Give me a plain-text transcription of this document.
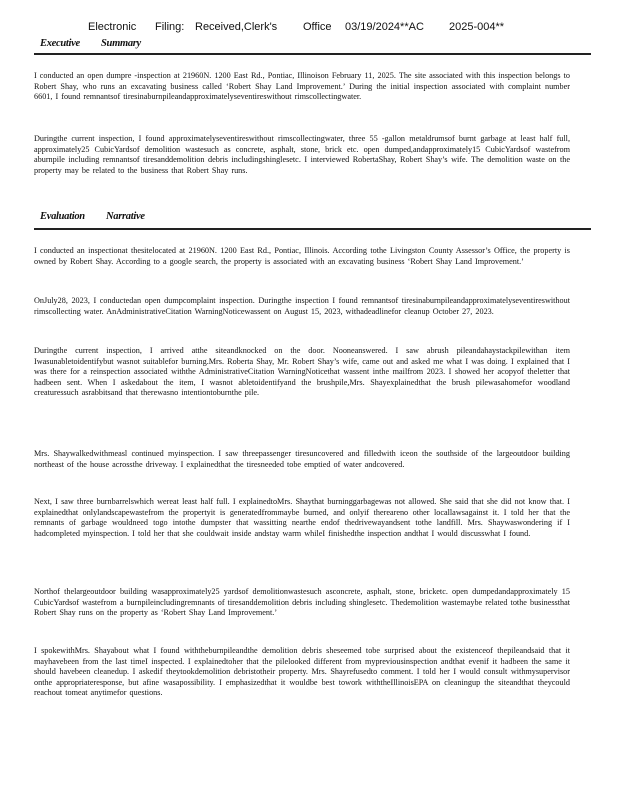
Electronic Filing: Received,Clerk's Office 03/19/2024**AC 2025-004**
Executive Summary

I conducted an open dumpre -inspection at 21960N. 1200 East Rd., Pontiac, Illinoison February 11, 2025. The site associated with this inspection belongs to Robert Shay, who runs an excavating business called ‘Robert Shay Land Improvement.’ During the initial inspection associated with complaint number 6601, I found remnantsof tiresinaburnpileandapproximatelyseventireswithout rimscollectingwater.

Duringthe current inspection, I found approximatelyseventireswithout rimscollectingwater, three 55 -gallon metaldrumsof burnt garbage at least half full, approximately25 CubicYardsof demolition wastesuch as concrete, asphalt, stone, brick etc. open dumped,andapproximately15 CubicYardsof wastefrom aburnpile including remnantsof tiresanddemolition debris includingshinglesetc. I interviewed RobertaShay, Robert Shay’s wife. The demolition waste on the property may be related to the business that Robert Shay runs.

Evaluation Narrative

I conducted an inspectionat thesitelocated at 21960N. 1200 East Rd., Pontiac, Illinois. According tothe Livingston County Assessor’s Office, the property is owned by Robert Shay. According to a google search, the property is associated with an excavating business ‘Robert Shay Land Improvement.’

OnJuly28, 2023, I conductedan open dumpcomplaint inspection. Duringthe inspection I found remnantsof tiresinaburnpileandapproximatelyseventireswithout rimscollecting water. AnAdministrativeCitation WarningNoticewassent on August 15, 2023, withadeadlinefor cleanup October 27, 2023.

Duringthe current inspection, I arrived atthe siteandknocked on the door. Nooneanswered. I saw abrush pileandahaystackpilewithan item Iwasunabletoidentifybut wasnot suitablefor burning.Mrs. Roberta Shay, Mr. Robert Shay’s wife, came out and asked me what I was doing. I explained that I was there for a reinspection associated withthe AdministrativeCitation WarningNoticethat wassent inthe mailfrom 2023. I showed her acopyof theletter that hadbeen sent. When I askedabout the item, I wasnot abletoidentifyand the brushpile,Mrs. Shayexplainedthat the brush pilewasahomefor woodland creaturessuch asrabbitsand that therewasno intentiontoburnthe pile.

Mrs. Shaywalkedwithmeasl continued myinspection. I saw threepassenger tiresuncovered and filledwith iceon the southside of the largeoutdoor building northeast of the house acrossthe driveway. I explainedthat the tiresneeded tobe emptied of water andcovered.

Next, I saw three burnbarrelswhich wereat least half full. I explainedtoMrs. Shaythat burninggarbagewas not allowed. She said that she did not know that. I explainedthat onlylandscapewastefrom the propertyit is generatedfrommaybe burned, and onlyif thereareno other locallawsagainst it. I told her that the remnants of garbage wouldneed togo intothe dumpster that wassitting nearthe endof thedrivewayandsent tothe landfill. Mrs. Shaywaswondering if I hadcompleted myinspection. I told her that she couldwait inside andstay warm whileI finishedthe inspection andthat I would discusswhat I found.

Northof thelargeoutdoor building wasapproximately25 yardsof demolitionwastesuch asconcrete, asphalt, stone, bricketc. open dumpedandapproximately 15 CubicYardsof wastefrom a burnpileincludingremnants of tiresanddemolition debris including shinglesetc. Thedemolition wastemaybe related tothe businessthat Robert Shay runs on the property as ‘Robert Shay Land Improvement.’

I spokewithMrs. Shayabout what I found withtheburnpileandthe demolition debris sheseemed tobe surprised about the existenceof thepileandsaid that it mayhavebeen from the last timeI inspected. I explainedtoher that the pilelooked different from mypreviousinspection andthat evenif it hadbeen the same it should havebeen cleanedup. I askedif theytookdemolition debristotheir property. Mrs. Shayrefusedto comment. I told her I would consult withmysupervisor onthe appropriateresponse, but afine wasapossibility. I emphasizedthat it wouldbe best towork withtheIllinoisEPA on cleaningup the siteandthat theycould reachout tomeat anytimefor questions.
